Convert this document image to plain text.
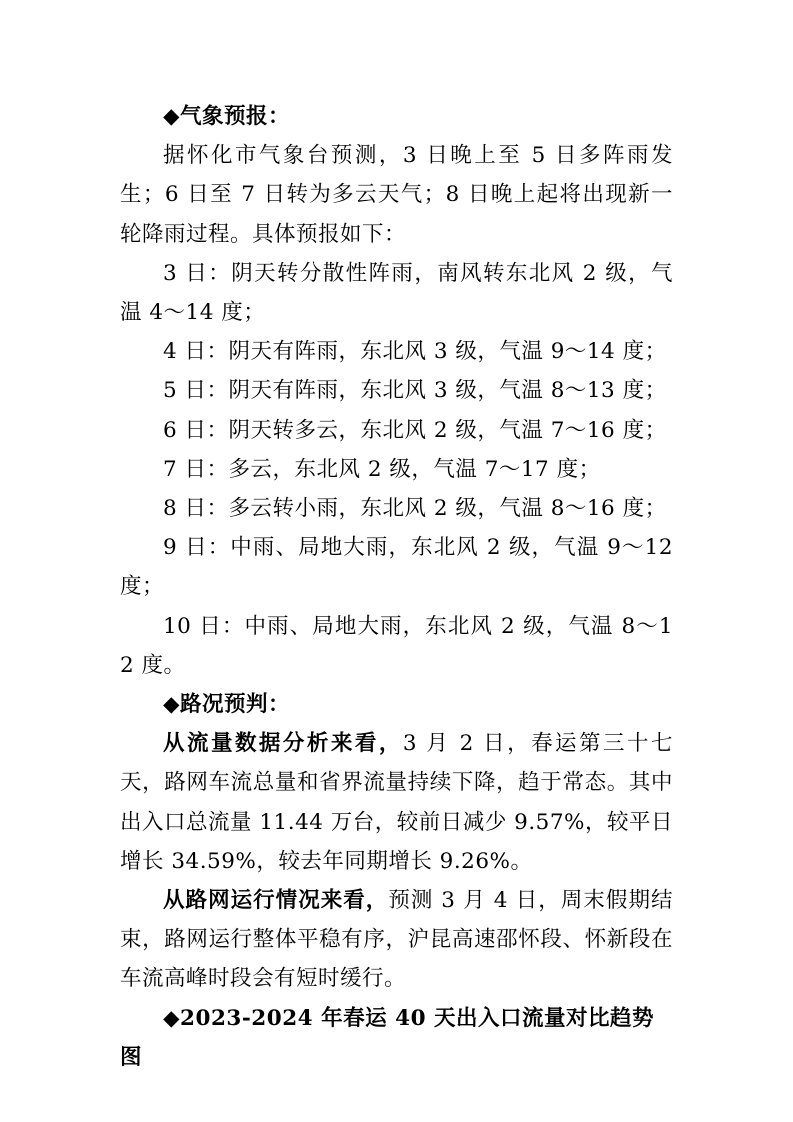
◆气象预报：

据怀化市气象台预测，3 日晚上至 5 日多阵雨发生；6 日至 7 日转为多云天气；8 日晚上起将出现新一轮降雨过程。具体预报如下：

3 日：阴天转分散性阵雨，南风转东北风 2 级，气温 4～14 度；

4 日：阴天有阵雨，东北风 3 级，气温 9～14 度；

5 日：阴天有阵雨，东北风 3 级，气温 8～13 度；

6 日：阴天转多云，东北风 2 级，气温 7～16 度；

7 日：多云，东北风 2 级，气温 7～17 度；

8 日：多云转小雨，东北风 2 级，气温 8～16 度；

9 日：中雨、局地大雨，东北风 2 级，气温 9～12 度；

10 日：中雨、局地大雨，东北风 2 级，气温 8～12 度。

◆路况预判：

从流量数据分析来看，3 月 2 日，春运第三十七天，路网车流总量和省界流量持续下降，趋于常态。其中出入口总流量 11.44 万台，较前日减少 9.57%，较平日增长 34.59%，较去年同期增长 9.26%。

从路网运行情况来看，预测 3 月 4 日，周末假期结束，路网运行整体平稳有序，沪昆高速邵怀段、怀新段在车流高峰时段会有短时缓行。

◆2023-2024 年春运 40 天出入口流量对比趋势图
